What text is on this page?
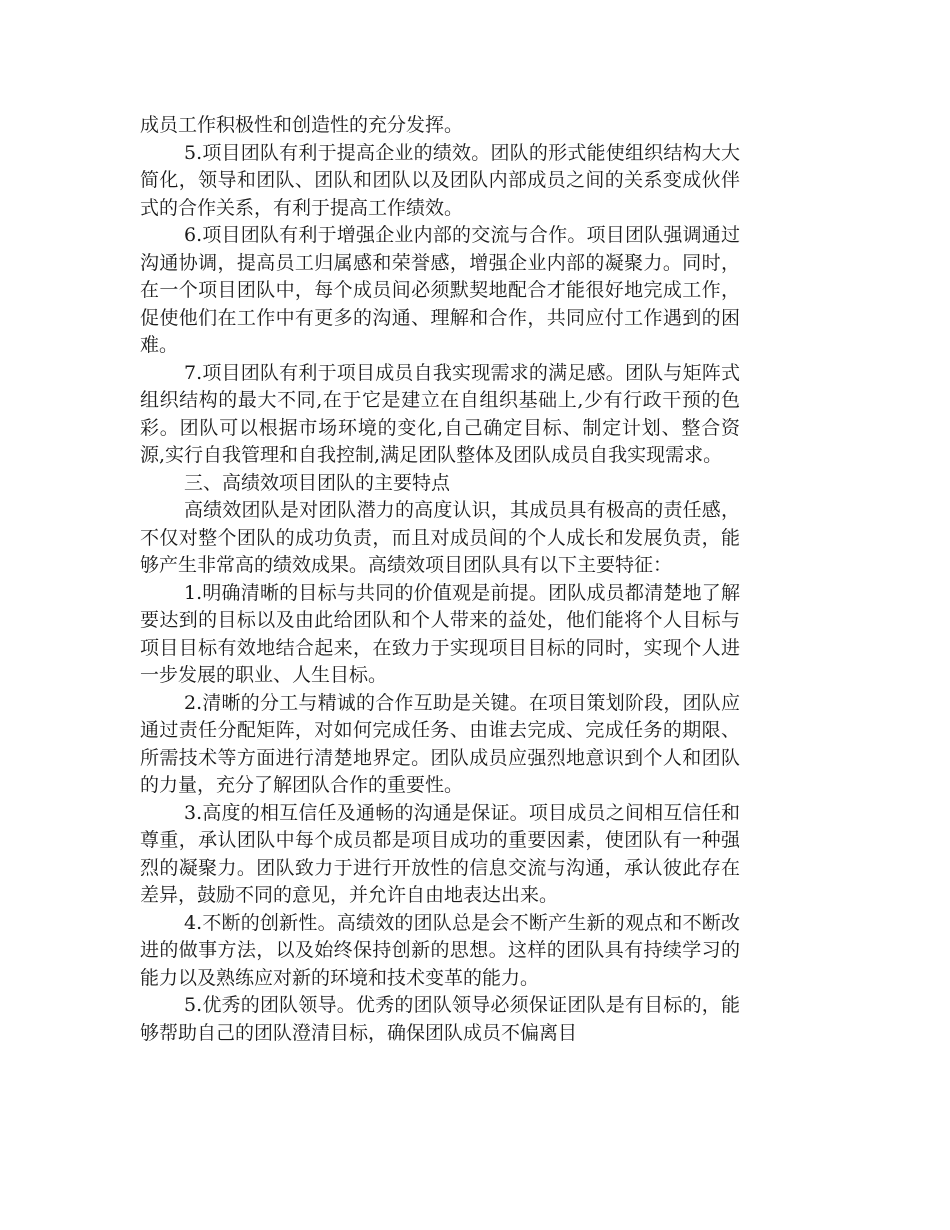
成员工作积极性和创造性的充分发挥。

5.项目团队有利于提高企业的绩效。团队的形式能使组织结构大大简化，领导和团队、团队和团队以及团队内部成员之间的关系变成伙伴式的合作关系，有利于提高工作绩效。

6.项目团队有利于增强企业内部的交流与合作。项目团队强调通过沟通协调，提高员工归属感和荣誉感，增强企业内部的凝聚力。同时，在一个项目团队中，每个成员间必须默契地配合才能很好地完成工作，促使他们在工作中有更多的沟通、理解和合作，共同应付工作遇到的困难。

7.项目团队有利于项目成员自我实现需求的满足感。团队与矩阵式组织结构的最大不同,在于它是建立在自组织基础上,少有行政干预的色彩。团队可以根据市场环境的变化,自己确定目标、制定计划、整合资源,实行自我管理和自我控制,满足团队整体及团队成员自我实现需求。

三、高绩效项目团队的主要特点

高绩效团队是对团队潜力的高度认识，其成员具有极高的责任感，不仅对整个团队的成功负责，而且对成员间的个人成长和发展负责，能够产生非常高的绩效成果。高绩效项目团队具有以下主要特征：

1.明确清晰的目标与共同的价值观是前提。团队成员都清楚地了解要达到的目标以及由此给团队和个人带来的益处，他们能将个人目标与项目目标有效地结合起来，在致力于实现项目目标的同时，实现个人进一步发展的职业、人生目标。

2.清晰的分工与精诚的合作互助是关键。在项目策划阶段，团队应通过责任分配矩阵，对如何完成任务、由谁去完成、完成任务的期限、所需技术等方面进行清楚地界定。团队成员应强烈地意识到个人和团队的力量，充分了解团队合作的重要性。

3.高度的相互信任及通畅的沟通是保证。项目成员之间相互信任和尊重，承认团队中每个成员都是项目成功的重要因素，使团队有一种强烈的凝聚力。团队致力于进行开放性的信息交流与沟通，承认彼此存在差异，鼓励不同的意见，并允许自由地表达出来。

4.不断的创新性。高绩效的团队总是会不断产生新的观点和不断改进的做事方法，以及始终保持创新的思想。这样的团队具有持续学习的能力以及熟练应对新的环境和技术变革的能力。

5.优秀的团队领导。优秀的团队领导必须保证团队是有目标的，能够帮助自己的团队澄清目标，确保团队成员不偏离目
